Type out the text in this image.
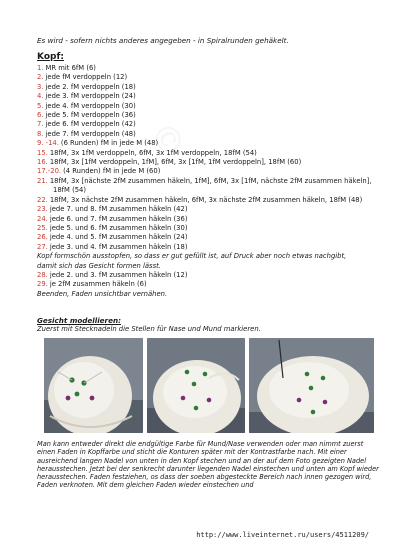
©
Es wird - sofern nichts anderes angegeben - in Spiralrunden gehäkelt.
Kopf:
1. MR mit 6fM (6)
2. jede fM verdoppeln (12)
3. jede 2. fM verdoppeln (18)
4. jede 3. fM verdoppeln (24)
5. jede 4. fM verdoppeln (30)
6. jede 5. fM verdoppeln (36)
7. jede 6. fM verdoppeln (42)
8. jede 7. fM verdoppeln (48)
9. -14. (6 Runden) fM in jede M (48)
15. 18fM, 3x 1fM verdoppeln, 6fM, 3x 1fM verdoppeln, 18fM (54)
16. 18fM, 3x [1fM verdoppeln, 1fM], 6fM, 3x [1fM, 1fM verdoppeln], 18fM (60)
17.-20. (4 Runden) fM in jede M (60)
21. 18fM, 3x [nächste 2fM zusammen häkeln, 1fM], 6fM, 3x [1fM, nächste 2fM zusammen häkeln], 18fM (54)
22. 18fM, 3x nächste 2fM zusammen häkeln, 6fM, 3x nächste 2fM zusammen häkeln, 18fM (48)
23. jede 7. und 8. fM zusammen häkeln (42)
24. jede 6. und 7. fM zusammen häkeln (36)
25. jede 5. und 6. fM zusammen häkeln (30)
26. jede 4. und 5. fM zusammen häkeln (24)
27. jede 3. und 4. fM zusammen häkeln (18)
Kopf formschön ausstopfen, so dass er gut gefüllt ist, auf Druck aber noch etwas nachgibt, damit sich das Gesicht formen lässt.
28. jede 2. und 3. fM zusammen häkeln (12)
29. je 2fM zusammen häkeln (6)
Beenden, Faden unsichtbar vernähen.
Gesicht modellieren:
Zuerst mit Stecknadeln die Stellen für Nase und Mund markieren.
Man kann entweder direkt die endgültige Farbe für Mund/Nase verwenden oder man nimmt zuerst einen Faden in Kopffarbe und sticht die Konturen später mit der Kontrastfarbe nach. Mit einer ausreichend langen Nadel von unten in den Kopf stechen und an der auf dem Foto gezeigten Nadel herausstechen. Jetzt bei der senkrecht darunter liegenden Nadel einstechen und unten am Kopf wieder herausstechen. Faden festziehen, os dass der soeben abgesteckte Bereich nach innen gezogen wird, Faden verknoten. Mit dem gleichen Faden wieder einstechen und
http://www.liveinternet.ru/users/4511209/
